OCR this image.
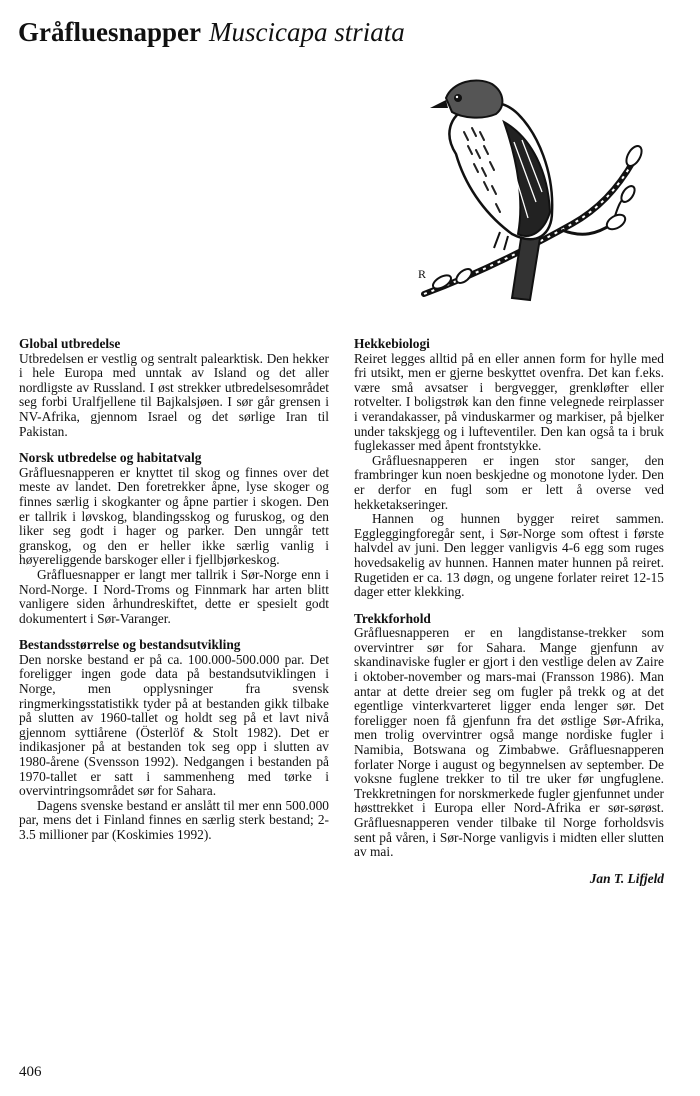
Gråfluesnapper Muscicapa striata
R
Global utbredelse

Utbredelsen er vestlig og sentralt palearktisk. Den hekker i hele Europa med unntak av Island og det aller nordligste av Russland. I øst strekker utbredelsesområdet seg forbi Uralfjellene til Bajkalsjøen. I sør går grensen i NV-Afrika, gjennom Israel og det sørlige Iran til Pakistan.

Norsk utbredelse og habitatvalg

Gråfluesnapperen er knyttet til skog og finnes over det meste av landet. Den foretrekker åpne, lyse skoger og finnes særlig i skogkanter og åpne partier i skogen. Den er tallrik i løvskog, blandingsskog og furuskog, og den liker seg godt i hager og parker. Den unngår tett granskog, og den er heller ikke særlig vanlig i høyereliggende barskoger eller i fjellbjørkeskog.

Gråfluesnapper er langt mer tallrik i Sør-Norge enn i Nord-Norge. I Nord-Troms og Finnmark har arten blitt vanligere siden århundreskiftet, dette er spesielt godt dokumentert i Sør-Varanger.

Bestandsstørrelse og bestandsutvikling

Den norske bestand er på ca. 100.000-500.000 par. Det foreligger ingen gode data på bestandsutviklingen i Norge, men opplysninger fra svensk ringmerkingsstatistikk tyder på at bestanden gikk tilbake på slutten av 1960-tallet og holdt seg på et lavt nivå gjennom syttiårene (Österlöf & Stolt 1982). Det er indikasjoner på at bestanden tok seg opp i slutten av 1980-årene (Svensson 1992). Nedgangen i bestanden på 1970-tallet er satt i sammenheng med tørke i overvintringsområdet sør for Sahara.

Dagens svenske bestand er anslått til mer enn 500.000 par, mens det i Finland finnes en særlig sterk bestand; 2-3.5 millioner par (Koskimies 1992).

Hekkebiologi

Reiret legges alltid på en eller annen form for hylle med fri utsikt, men er gjerne beskyttet ovenfra. Det kan f.eks. være små avsatser i bergvegger, grenkløfter eller rotvelter. I boligstrøk kan den finne velegnede reirplasser i verandakasser, på vinduskarmer og markiser, på bjelker under takskjegg og i lufteventiler. Den kan også ta i bruk fuglekasser med åpent frontstykke.

Gråfluesnapperen er ingen stor sanger, den frambringer kun noen beskjedne og monotone lyder. Den er derfor en fugl som er lett å overse ved hekketakseringer.

Hannen og hunnen bygger reiret sammen. Eggleggingforegår sent, i Sør-Norge som oftest i første halvdel av juni. Den legger vanligvis 4-6 egg som ruges hovedsakelig av hunnen. Hannen mater hunnen på reiret. Rugetiden er ca. 13 døgn, og ungene forlater reiret 12-15 dager etter klekking.

Trekkforhold

Gråfluesnapperen er en langdistanse-trekker som overvintrer sør for Sahara. Mange gjenfunn av skandinaviske fugler er gjort i den vestlige delen av Zaire i oktober-november og mars-mai (Fransson 1986). Man antar at dette dreier seg om fugler på trekk og at det egentlige vinterkvarteret ligger enda lenger sør. Det foreligger noen få gjenfunn fra det østlige Sør-Afrika, men trolig overvintrer også mange nordiske fugler i Namibia, Botswana og Zimbabwe. Gråfluesnapperen forlater Norge i august og begynnelsen av september. De voksne fuglene trekker to til tre uker før ungfuglene. Trekkretningen for norskmerkede fugler gjenfunnet under høsttrekket i Europa eller Nord-Afrika er sør-sørøst. Gråfluesnapperen vender tilbake til Norge forholdsvis sent på våren, i Sør-Norge vanligvis i midten eller slutten av mai.

Jan T. Lifjeld
406
